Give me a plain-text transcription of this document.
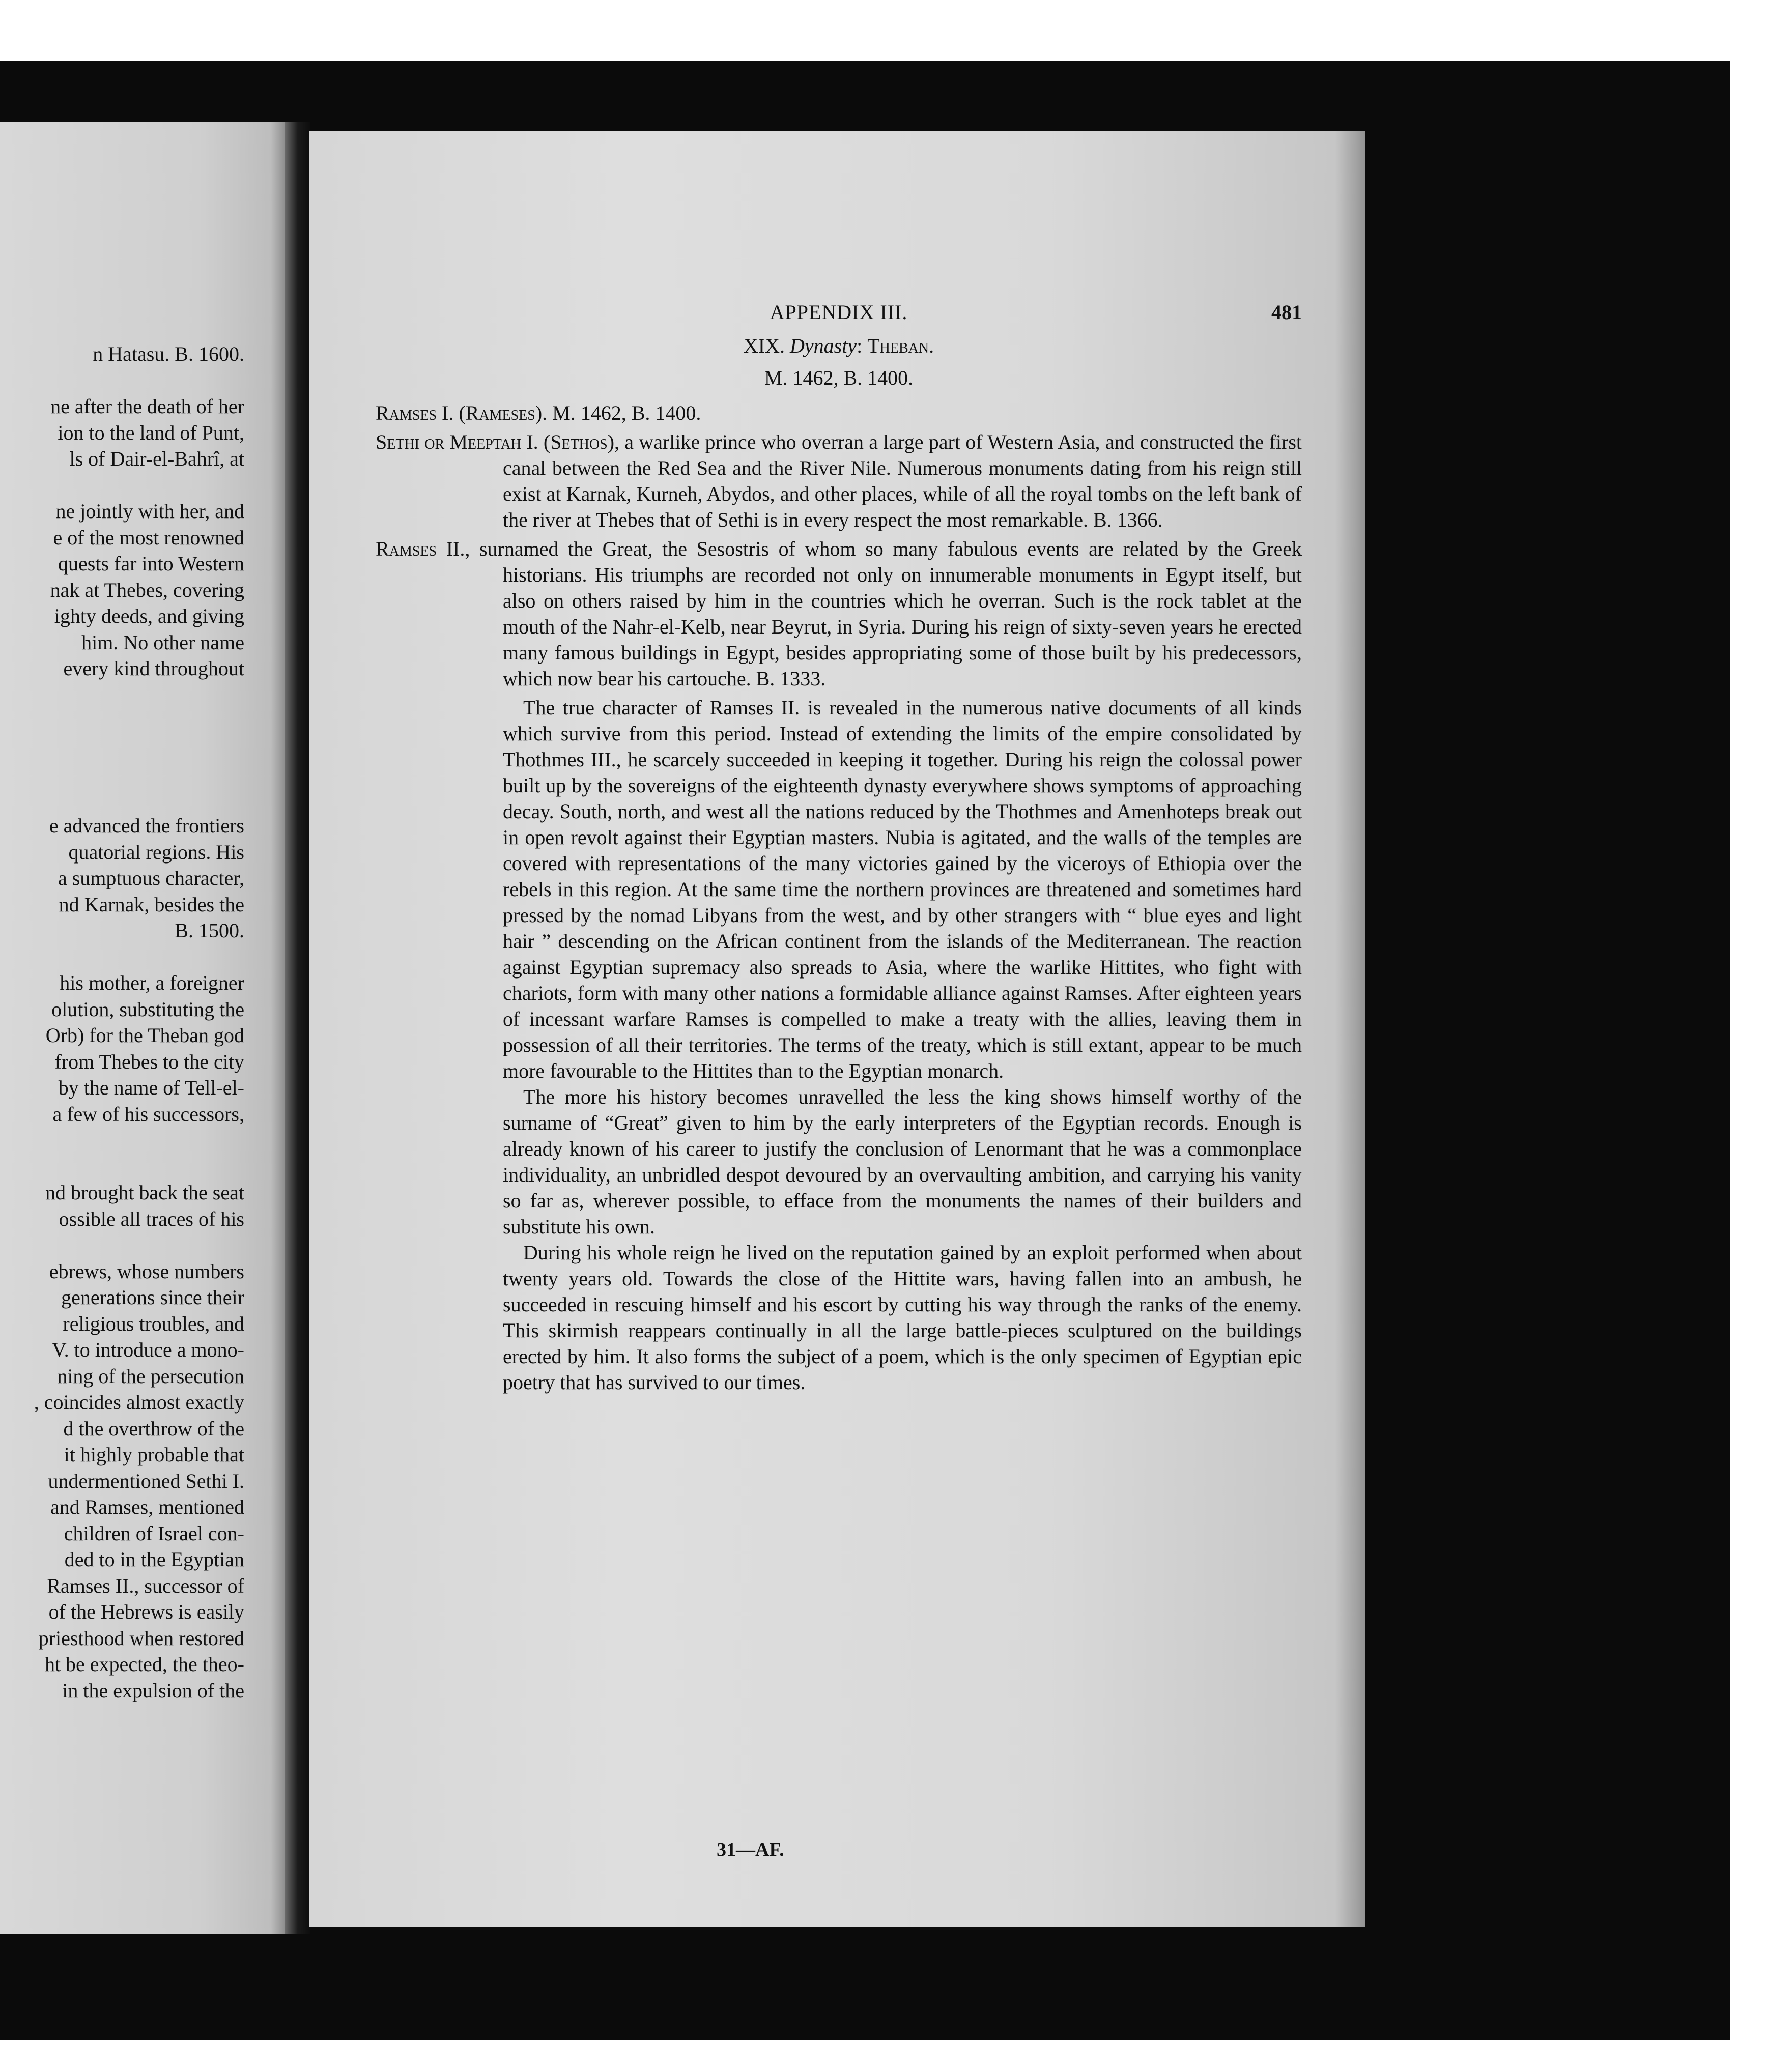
n Hatasu. B. 1600.
ne after the death of her
ion to the land of Punt,
ls of Dair-el-Bahrî, at
ne jointly with her, and
e of the most renowned
quests far into Western
nak at Thebes, covering
ighty deeds, and giving
him. No other name
every kind throughout
e advanced the frontiers
quatorial regions. His
a sumptuous character,
nd Karnak, besides the
B. 1500.
his mother, a foreigner
olution, substituting the
Orb) for the Theban god
from Thebes to the city
by the name of Tell-el-
a few of his successors,
nd brought back the seat
ossible all traces of his
ebrews, whose numbers
generations since their
religious troubles, and
V. to introduce a mono-
ning of the persecution
, coincides almost exactly
d the overthrow of the
it highly probable that
undermentioned Sethi I.
and Ramses, mentioned
children of Israel con-
ded to in the Egyptian
Ramses II., successor of
of the Hebrews is easily
priesthood when restored
ht be expected, the theo-
in the expulsion of the
APPENDIX III.	481
XIX. Dynasty: Theban.
M. 1462, B. 1400.

Ramses I. (Rameses). M. 1462, B. 1400.

Sethi or Meeptah I. (Sethos), a warlike prince who overran a large part of Western Asia, and constructed the first canal between the Red Sea and the River Nile. Numerous monuments dating from his reign still exist at Karnak, Kurneh, Abydos, and other places, while of all the royal tombs on the left bank of the river at Thebes that of Sethi is in every respect the most remarkable. B. 1366.

Ramses II., surnamed the Great, the Sesostris of whom so many fabulous events are related by the Greek historians. His triumphs are recorded not only on innumerable monuments in Egypt itself, but also on others raised by him in the countries which he overran. Such is the rock tablet at the mouth of the Nahr-el-Kelb, near Beyrut, in Syria. During his reign of sixty-seven years he erected many famous buildings in Egypt, besides appropriating some of those built by his predecessors, which now bear his cartouche. B. 1333.

The true character of Ramses II. is revealed in the numerous native documents of all kinds which survive from this period. Instead of extending the limits of the empire consolidated by Thothmes III., he scarcely succeeded in keeping it together. During his reign the colossal power built up by the sovereigns of the eighteenth dynasty everywhere shows symptoms of approaching decay. South, north, and west all the nations reduced by the Thothmes and Amenhoteps break out in open revolt against their Egyptian masters. Nubia is agitated, and the walls of the temples are covered with representations of the many victories gained by the viceroys of Ethiopia over the rebels in this region. At the same time the northern provinces are threatened and sometimes hard pressed by the nomad Libyans from the west, and by other strangers with “ blue eyes and light hair ” descending on the African continent from the islands of the Mediterranean. The reaction against Egyptian supremacy also spreads to Asia, where the warlike Hittites, who fight with chariots, form with many other nations a formidable alliance against Ramses. After eighteen years of incessant warfare Ramses is compelled to make a treaty with the allies, leaving them in possession of all their territories. The terms of the treaty, which is still extant, appear to be much more favourable to the Hittites than to the Egyptian monarch.

The more his history becomes unravelled the less the king shows himself worthy of the surname of “Great” given to him by the early interpreters of the Egyptian records. Enough is already known of his career to justify the conclusion of Lenormant that he was a commonplace individuality, an unbridled despot devoured by an overvaulting ambition, and carrying his vanity so far as, wherever possible, to efface from the monuments the names of their builders and substitute his own.

During his whole reign he lived on the reputation gained by an exploit performed when about twenty years old. Towards the close of the Hittite wars, having fallen into an ambush, he succeeded in rescuing himself and his escort by cutting his way through the ranks of the enemy. This skirmish reappears continually in all the large battle-pieces sculptured on the buildings erected by him. It also forms the subject of a poem, which is the only specimen of Egyptian epic poetry that has survived to our times.

31—AF.
